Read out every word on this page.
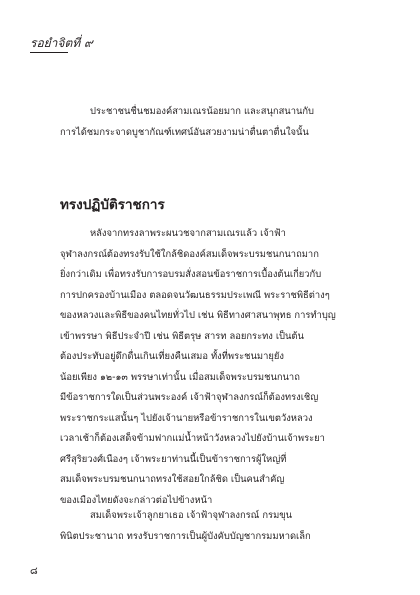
รอยำจิตที่ ๙
ประชาชนชื่นชมองค์สามเณรน้อยมาก และสนุกสนานกับ
การได้ชมกระจาดบูชากัณฑ์เทศน์อันสวยงามน่าตื่นตาตื่นใจนั้น
ทรงปฏิบัติราชการ
หลังจากทรงลาพระผนวชจากสามเณรแล้ว เจ้าฟ้า
จุฬาลงกรณ์ต้องทรงรับใช้ใกล้ชิดองค์สมเด็จพระบรมชนกนาถมาก
ยิ่งกว่าเดิม เพื่อทรงรับการอบรมสั่งสอนข้อราชการเบื้องต้นเกี่ยวกับ
การปกครองบ้านเมือง ตลอดจนวัฒนธรรมประเพณี พระราชพิธีต่างๆ
ของหลวงและพิธีของคนไทยทั่วไป เช่น พิธีทางศาสนาพุทธ การทำบุญ
เข้าพรรษา พิธีประจำปี เช่น พิธีตรุษ สารท ลอยกระทง เป็นต้น
ต้องประทับอยู่ดึกดื่นเกินเที่ยงคืนเสมอ ทั้งที่พระชนมายุยัง
น้อยเพียง ๑๒-๑๓ พรรษาเท่านั้น เมื่อสมเด็จพระบรมชนกนาถ
มีข้อราชการใดเป็นส่วนพระองค์ เจ้าฟ้าจุฬาลงกรณ์ก็ต้องทรงเชิญ
พระราชกระแสนั้นๆ ไปยังเจ้านายหรือข้าราชการในเขตวังหลวง
เวลาเช้าก็ต้องเสด็จข้ามฟากแม่น้ำหน้าวังหลวงไปยังบ้านเจ้าพระยา
ศรีสุริยวงศ์เนืองๆ เจ้าพระยาท่านนี้เป็นข้าราชการผู้ใหญ่ที่
สมเด็จพระบรมชนกนาถทรงใช้สอยใกล้ชิด เป็นคนสำคัญ
ของเมืองไทยดังจะกล่าวต่อไปข้างหน้า
สมเด็จพระเจ้าลูกยาเธอ เจ้าฟ้าจุฬาลงกรณ์ กรมขุน
พินิตประชานาถ ทรงรับราชการเป็นผู้บังคับบัญชากรมมหาดเล็ก
๘
